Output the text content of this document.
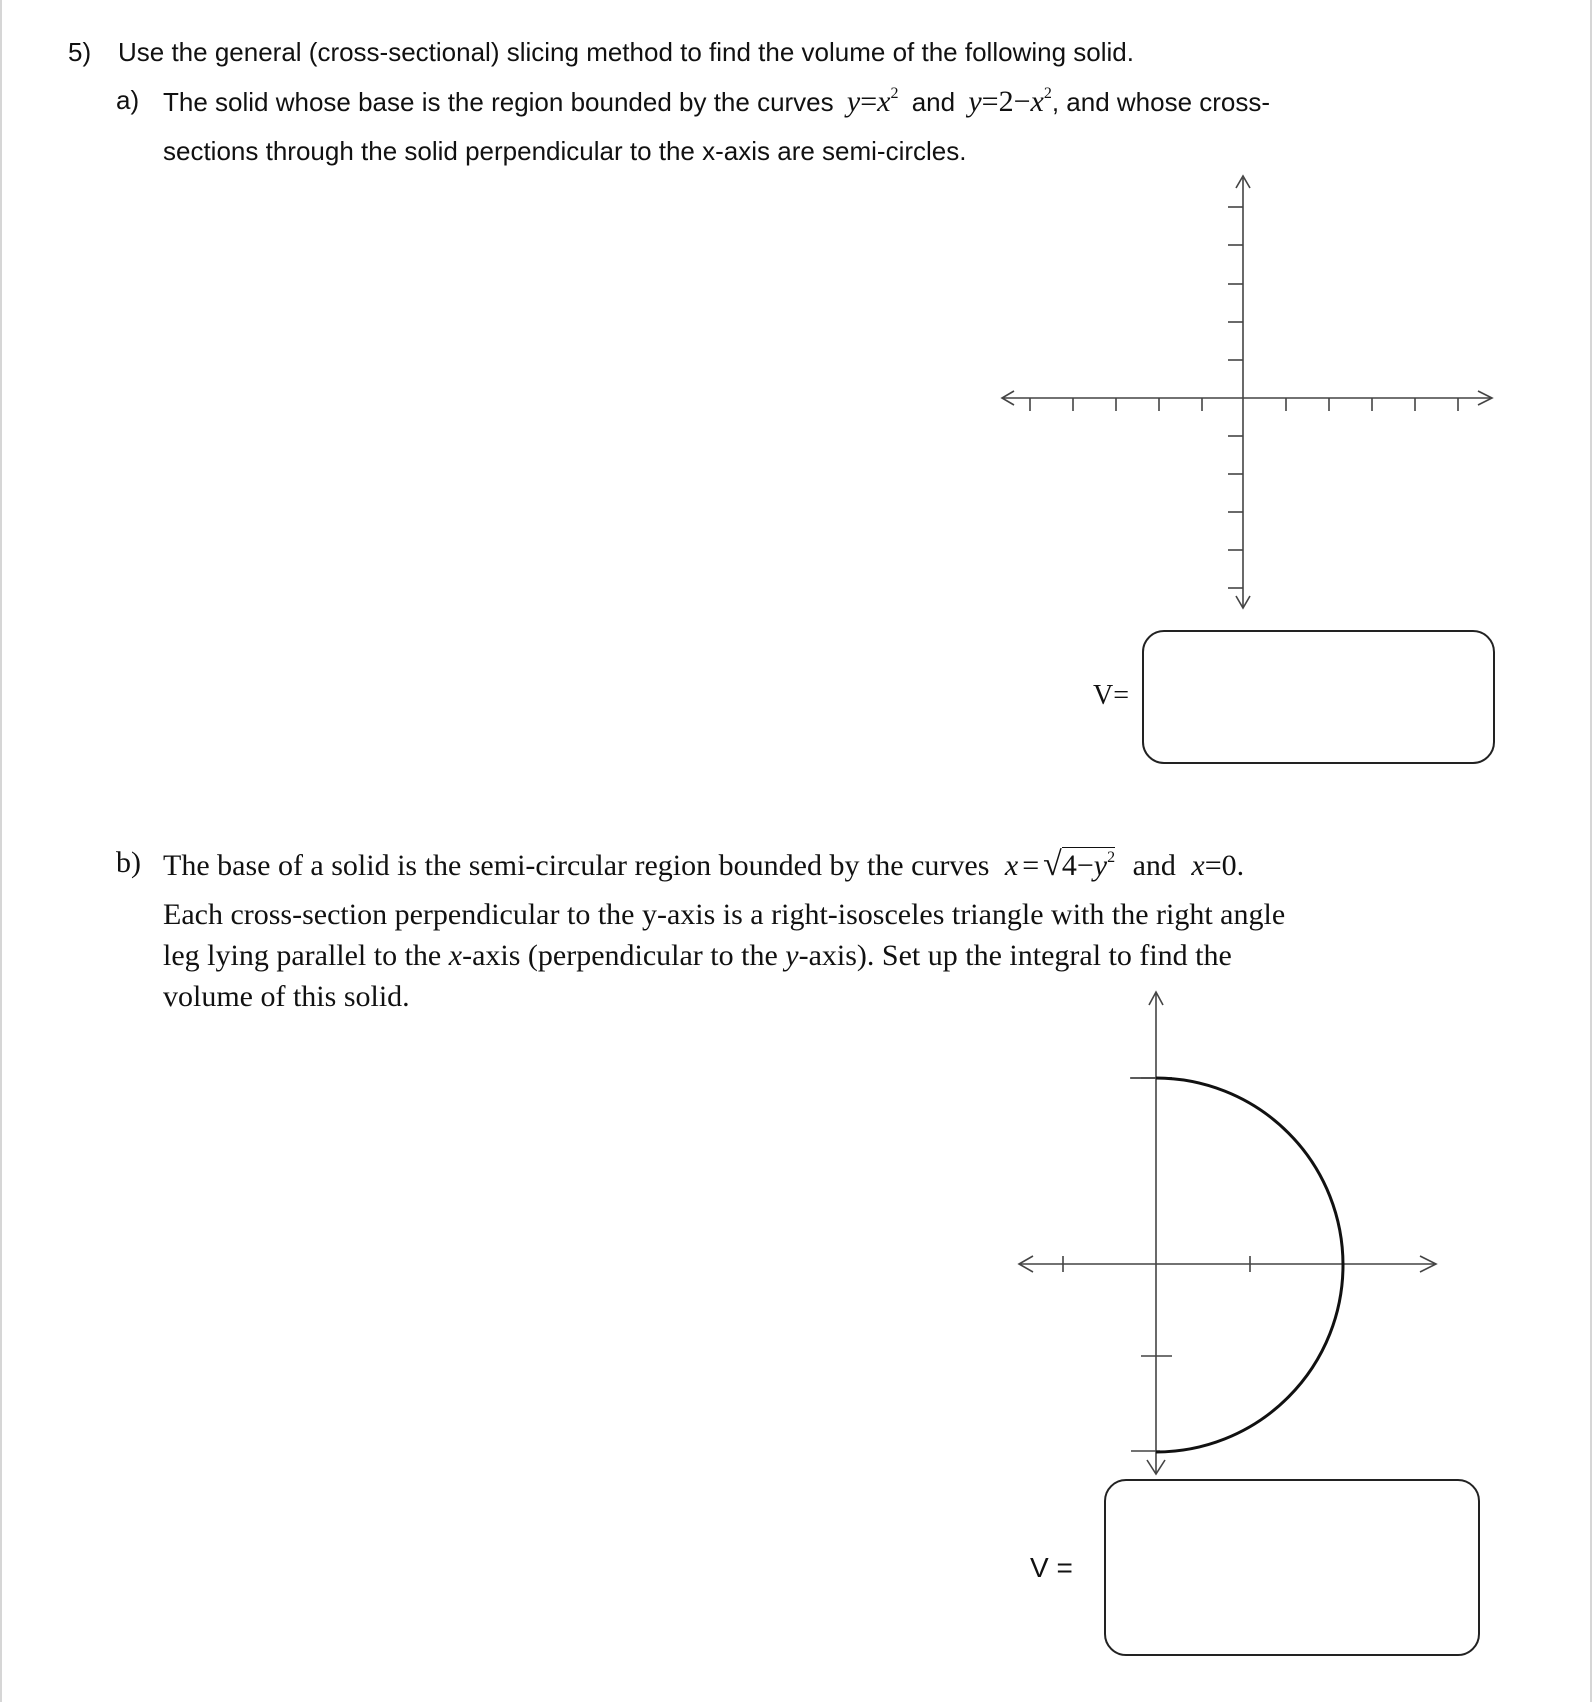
5) Use the general (cross-sectional) slicing method to find the volume of the following solid.
a) The solid whose base is the region bounded by the curves $y=x^2$ and $y=2-x^2$, and whose cross-
sections through the solid perpendicular to the x-axis are semi-circles.
V=
b) The base of a solid is the semi-circular region bounded by the curves $x = √4-y^2$ and x=0.
Each cross-section perpendicular to the y-axis is a right-isosceles triangle with the right angle
leg lying parallel to the x-axis (perpendicular to the y-axis). Set up the integral to find the
volume of this solid.
V =
